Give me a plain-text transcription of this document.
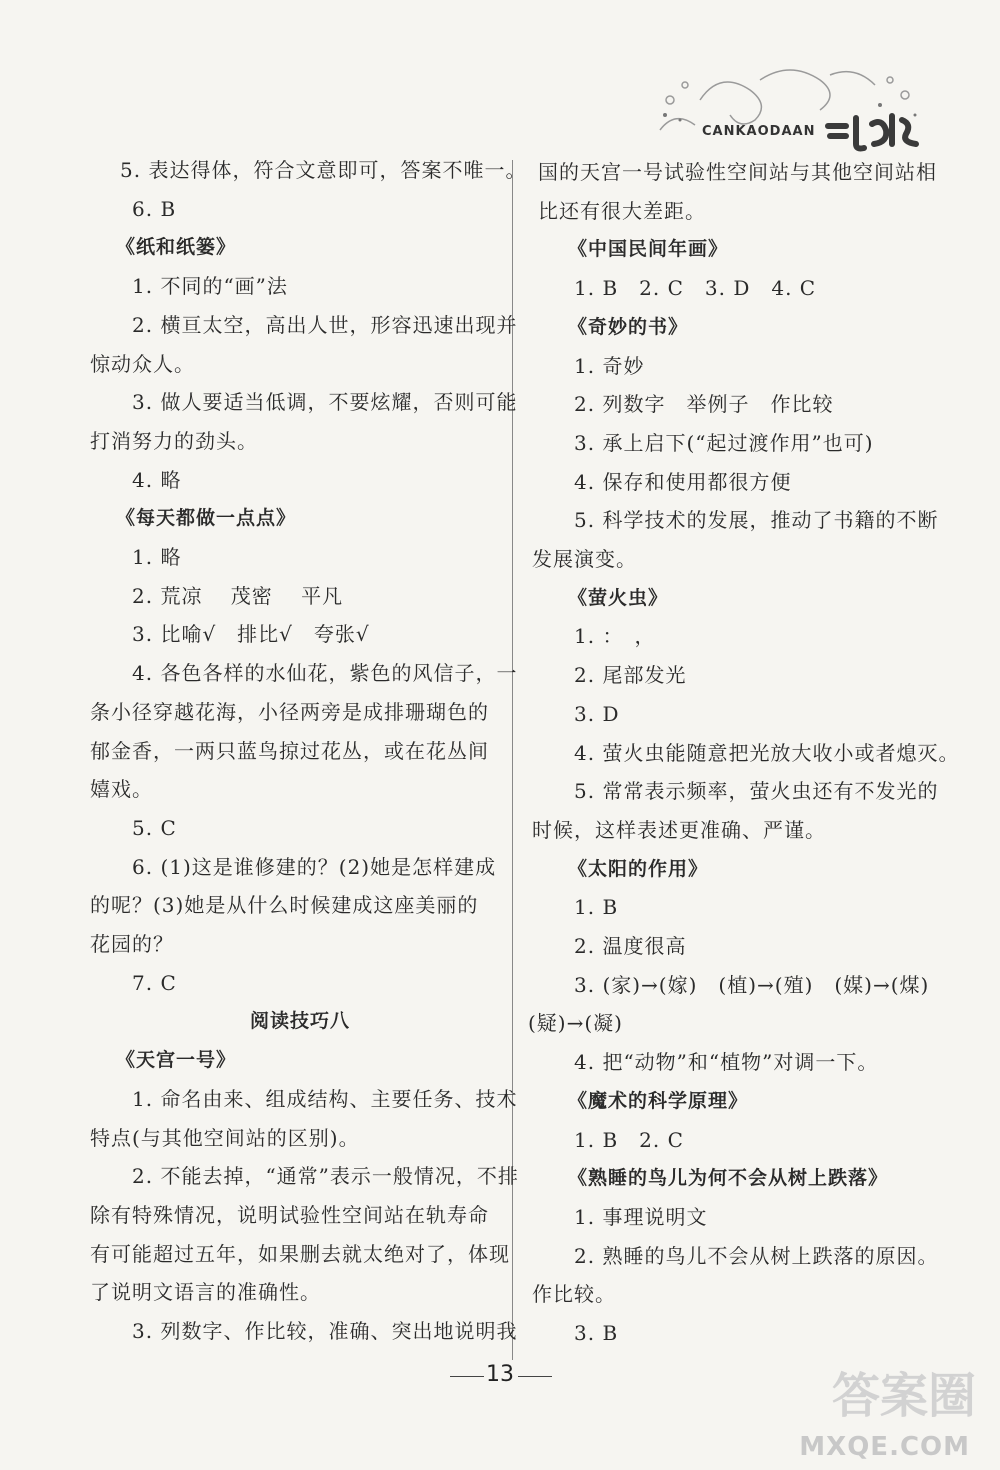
CANKAODAAN
5. 表达得体，符合文意即可，答案不唯一。
6. B
《纸和纸篓》
1. 不同的“画”法
2. 横亘太空，高出人世，形容迅速出现并
惊动众人。
3. 做人要适当低调，不要炫耀，否则可能
打消努力的劲头。
4. 略
《每天都做一点点》
1. 略
2. 荒凉　 茂密　 平凡
3. 比喻√　排比√　夸张√
4. 各色各样的水仙花，紫色的风信子，一
条小径穿越花海，小径两旁是成排珊瑚色的
郁金香，一两只蓝鸟掠过花丛，或在花丛间
嬉戏。
5. C
6. (1)这是谁修建的？(2)她是怎样建成
的呢？(3)她是从什么时候建成这座美丽的
花园的？
7. C
阅读技巧八
《天宫一号》
1. 命名由来、组成结构、主要任务、技术
特点(与其他空间站的区别)。
2. 不能去掉，“通常”表示一般情况，不排
除有特殊情况，说明试验性空间站在轨寿命
有可能超过五年，如果删去就太绝对了，体现
了说明文语言的准确性。
3. 列数字、作比较，准确、突出地说明我
国的天宫一号试验性空间站与其他空间站相
比还有很大差距。
《中国民间年画》
1. B　2. C　3. D　4. C
《奇妙的书》
1. 奇妙
2. 列数字　举例子　作比较
3. 承上启下(“起过渡作用”也可)
4. 保存和使用都很方便
5. 科学技术的发展，推动了书籍的不断
发展演变。
《萤火虫》
1. ：　，
2. 尾部发光
3. D
4. 萤火虫能随意把光放大收小或者熄灭。
5. 常常表示频率，萤火虫还有不发光的
时候，这样表述更准确、严谨。
《太阳的作用》
1. B
2. 温度很高
3. (家)→(嫁)　(植)→(殖)　(媒)→(煤)
(疑)→(凝)
4. 把“动物”和“植物”对调一下。
《魔术的科学原理》
1. B　2. C
《熟睡的鸟儿为何不会从树上跌落》
1. 事理说明文
2. 熟睡的鸟儿不会从树上跌落的原因。
作比较。
3. B
13	答案圈
MXQE.COM
